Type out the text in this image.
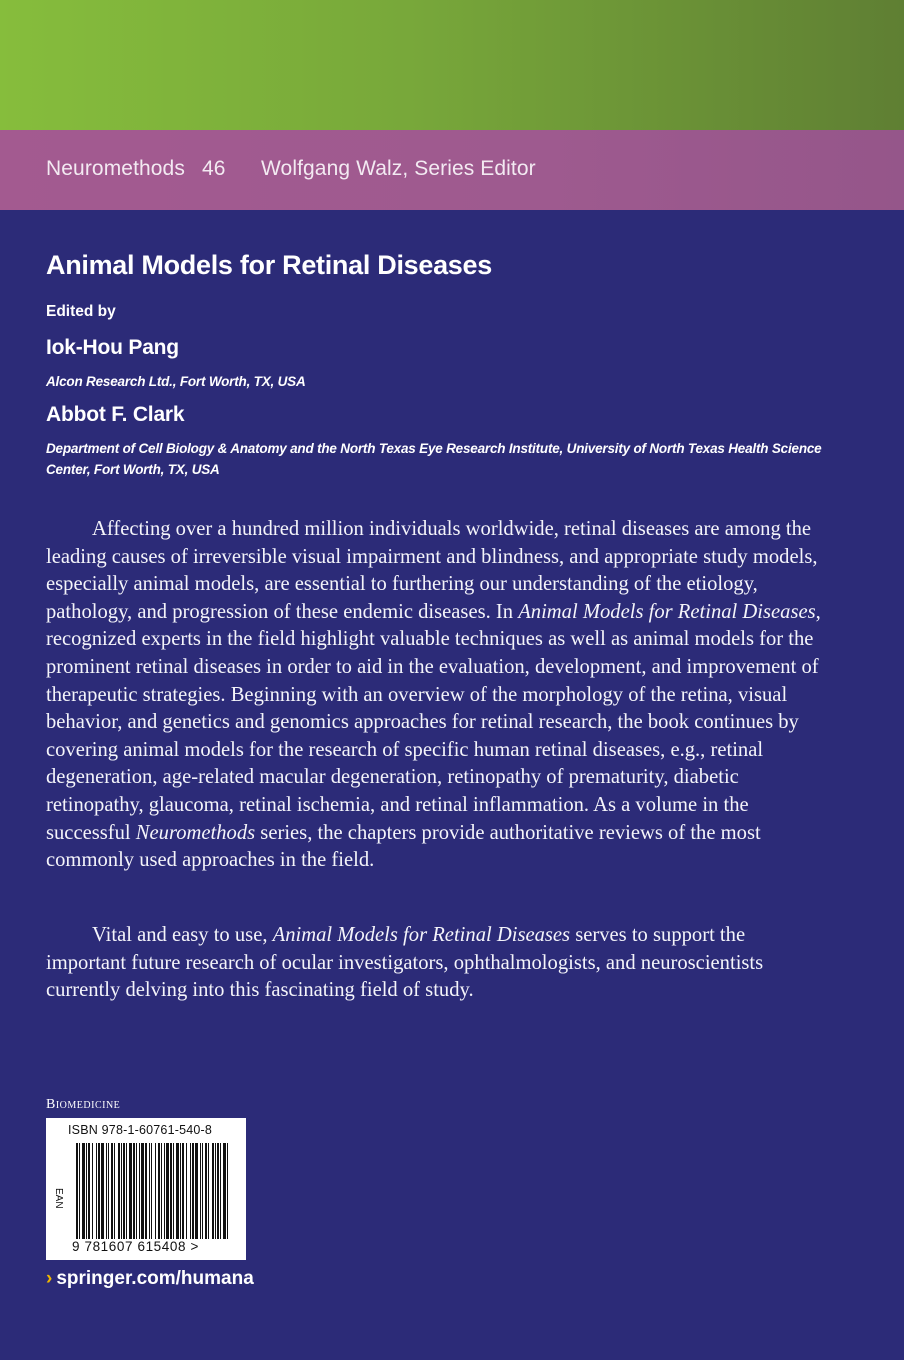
Neuromethods 46 Wolfgang Walz, Series Editor
Animal Models for Retinal Diseases
Edited by
Iok-Hou Pang
Alcon Research Ltd., Fort Worth, TX, USA
Abbot F. Clark
Department of Cell Biology & Anatomy and the North Texas Eye Research Institute, University of North Texas Health Science Center, Fort Worth, TX, USA

Affecting over a hundred million individuals worldwide, retinal diseases are among the leading causes of irreversible visual impairment and blindness, and appropriate study models, especially animal models, are essential to furthering our understanding of the etiology, pathology, and progression of these endemic diseases. In Animal Models for Retinal Diseases, recognized experts in the field highlight valuable techniques as well as animal models for the prominent retinal diseases in order to aid in the evaluation, development, and improvement of therapeutic strategies. Beginning with an overview of the morphology of the retina, visual behavior, and genetics and genomics approaches for retinal research, the book continues by covering animal models for the research of specific human retinal diseases, e.g., retinal degeneration, age-related macular degeneration, retinopathy of prematurity, diabetic retinopathy, glaucoma, retinal ischemia, and retinal inflammation. As a volume in the successful Neuromethods series, the chapters provide authoritative reviews of the most commonly used approaches in the field.

Vital and easy to use, Animal Models for Retinal Diseases serves to support the important future research of ocular investigators, ophthalmologists, and neuroscientists currently delving into this fascinating field of study.

Biomedicine
ISBN 978-1-60761-540-8
EAN
9 781607 615408 >
› springer.com/humana
